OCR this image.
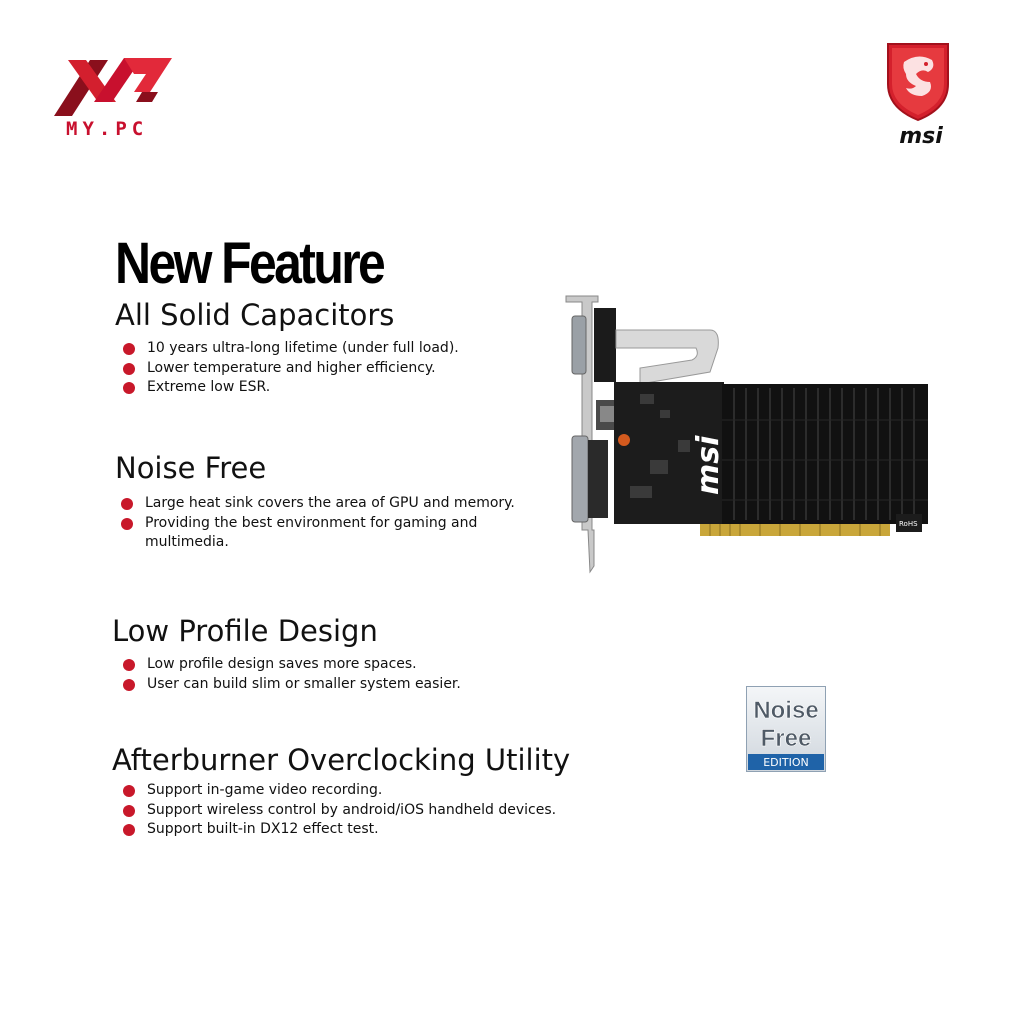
MY.PC	msi
New Feature
All Solid Capacitors
10 years ultra-long lifetime (under full load).
Lower temperature and higher efficiency.
Extreme low ESR.
Noise Free
Large heat sink covers the area of GPU and memory.
Providing the best environment for gaming and multimedia.
Low Profile Design
Low profile design saves more spaces.
User can build slim or smaller system easier.
Afterburner Overclocking Utility
Support in-game video recording.
Support wireless control by android/iOS handheld devices.
Support built-in DX12 effect test.
msi
RoHS
Noise
Free
EDITION
